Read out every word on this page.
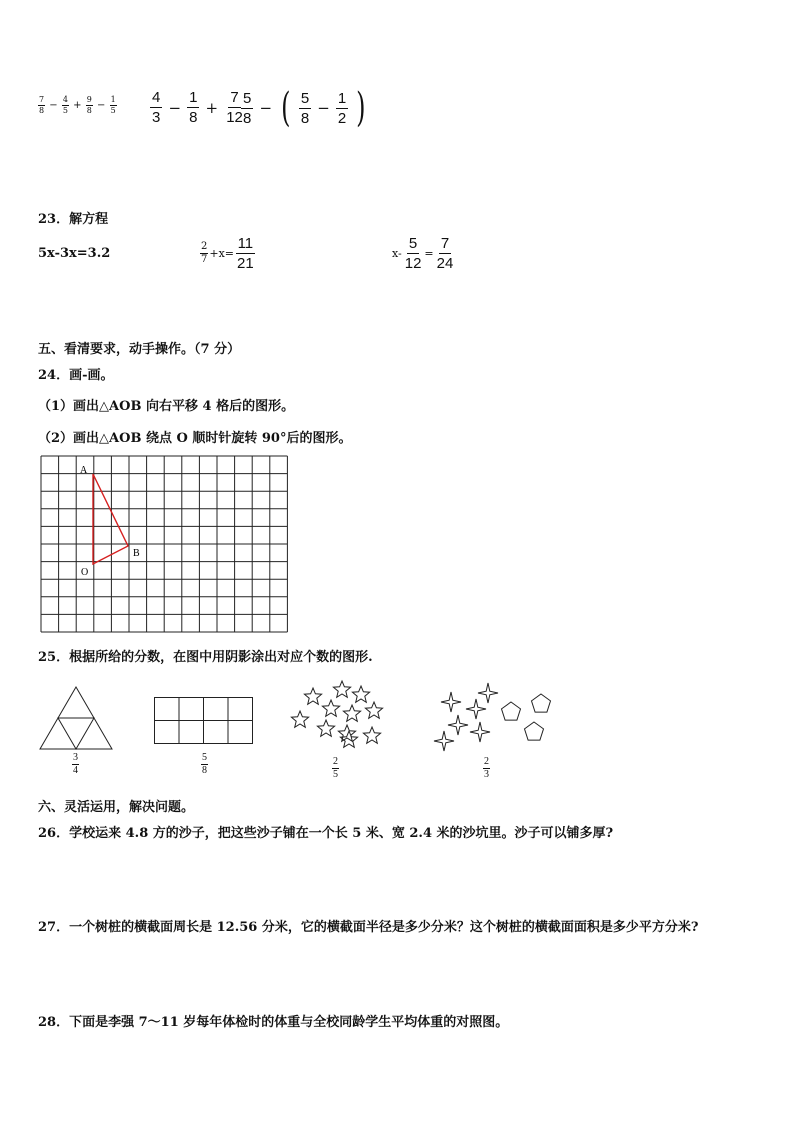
$\frac{7}{8} - \frac{4}{5} + \frac{9}{8} - \frac{1}{5} \frac{4}{3} - \frac{1}{8} + \frac{7}{12}$
$\frac{5}{8}$ − ( $\frac{5}{8} - \frac{1}{2}$ )
23．解方程
5x-3x=3.2	$\frac{2}{7} +x= \frac{11}{21}$	$x- \frac{5}{12} = \frac{7}{24}$
五、看清要求，动手操作。（7 分）
24．画-画。
（1）画出△AOB 向右平移 4 格后的图形。
（2）画出△AOB 绕点 O 顺时针旋转 90°后的图形。
A
B
O
25．根据所给的分数，在图中用阴影涂出对应个数的图形.
$\frac{3}{4}$	$\frac{5}{8}$	$\frac{2}{5}$	$\frac{2}{3}$
六、灵活运用，解决问题。
26．学校运来 4.8 方的沙子，把这些沙子铺在一个长 5 米、宽 2.4 米的沙坑里。沙子可以铺多厚?
27．一个树桩的横截面周长是 12.56 分米，它的横截面半径是多少分米？这个树桩的横截面面积是多少平方分米?
28．下面是李强 7～11 岁每年体检时的体重与全校同龄学生平均体重的对照图。
